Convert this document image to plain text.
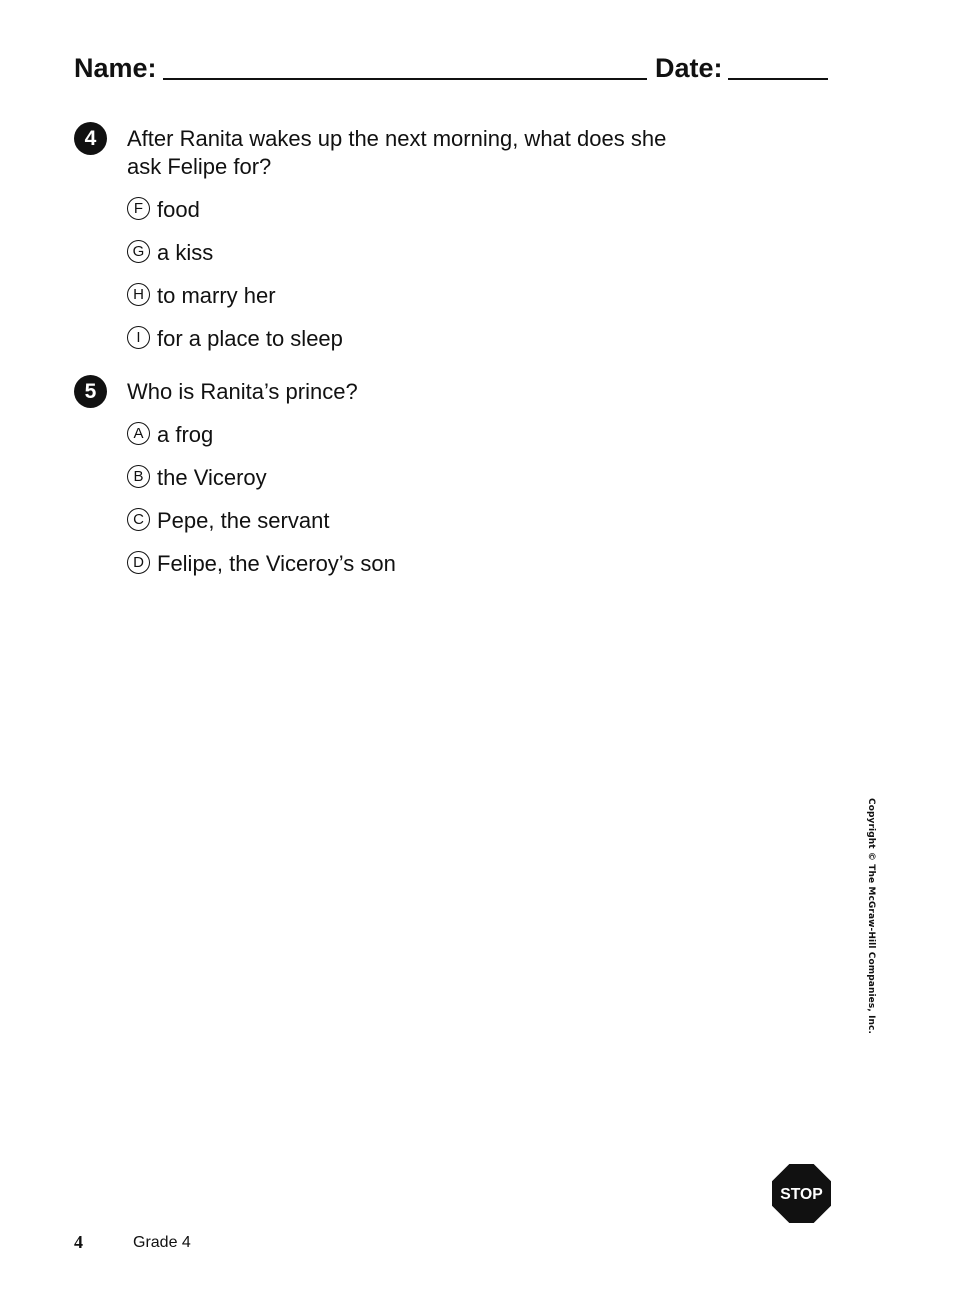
Name:	Date:
4	After Ranita wakes up the next morning, what does she
ask Felipe for?

F food
G a kiss
H to marry her
I for a place to sleep
5	Who is Ranita’s prince?

A a frog
B the Viceroy
C Pepe, the servant
D Felipe, the Viceroy’s son
Copyright © The McGraw-Hill Companies, Inc.
STOP
4	Grade 4
